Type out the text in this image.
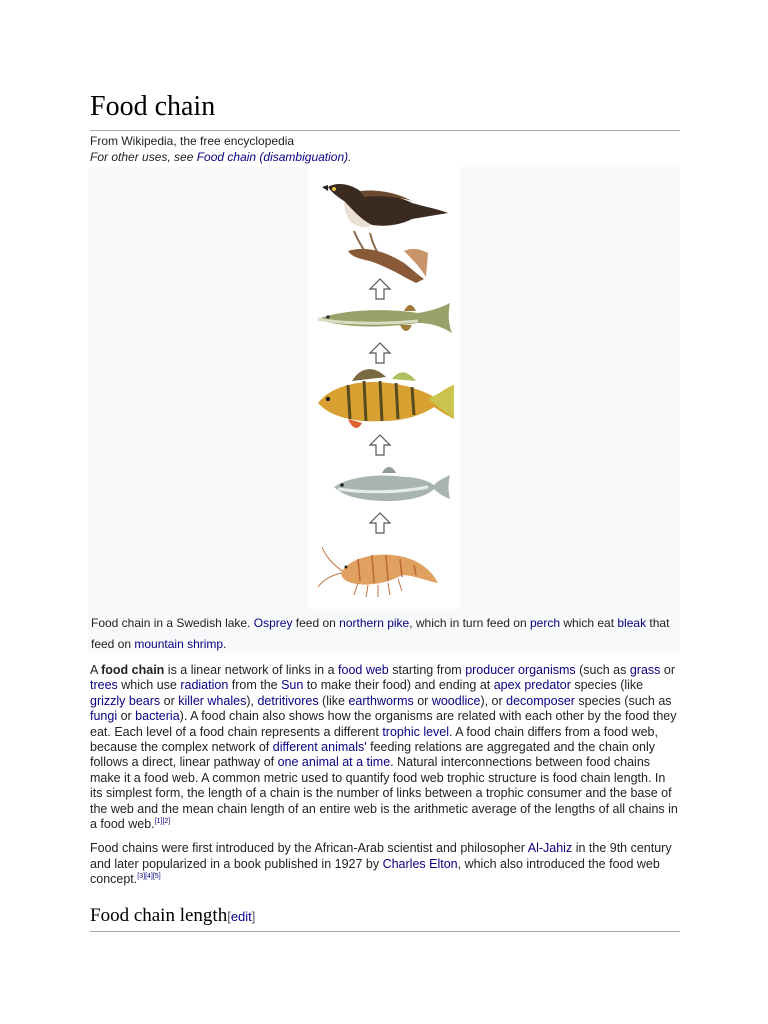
Food chain
From Wikipedia, the free encyclopedia
For other uses, see Food chain (disambiguation).
Food chain in a Swedish lake. Osprey feed on northern pike, which in turn feed on perch which eat bleak that feed on mountain shrimp.

A food chain is a linear network of links in a food web starting from producer organisms (such as grass or trees which use radiation from the Sun to make their food) and ending at apex predator species (like grizzly bears or killer whales), detritivores (like earthworms or woodlice), or decomposer species (such as fungi or bacteria). A food chain also shows how the organisms are related with each other by the food they eat. Each level of a food chain represents a different trophic level. A food chain differs from a food web, because the complex network of different animals' feeding relations are aggregated and the chain only follows a direct, linear pathway of one animal at a time. Natural interconnections between food chains make it a food web. A common metric used to quantify food web trophic structure is food chain length. In its simplest form, the length of a chain is the number of links between a trophic consumer and the base of the web and the mean chain length of an entire web is the arithmetic average of the lengths of all chains in a food web.[1][2]

Food chains were first introduced by the African-Arab scientist and philosopher Al-Jahiz in the 9th century and later popularized in a book published in 1927 by Charles Elton, which also introduced the food web concept.[3][4][5]

Food chain length[edit]
